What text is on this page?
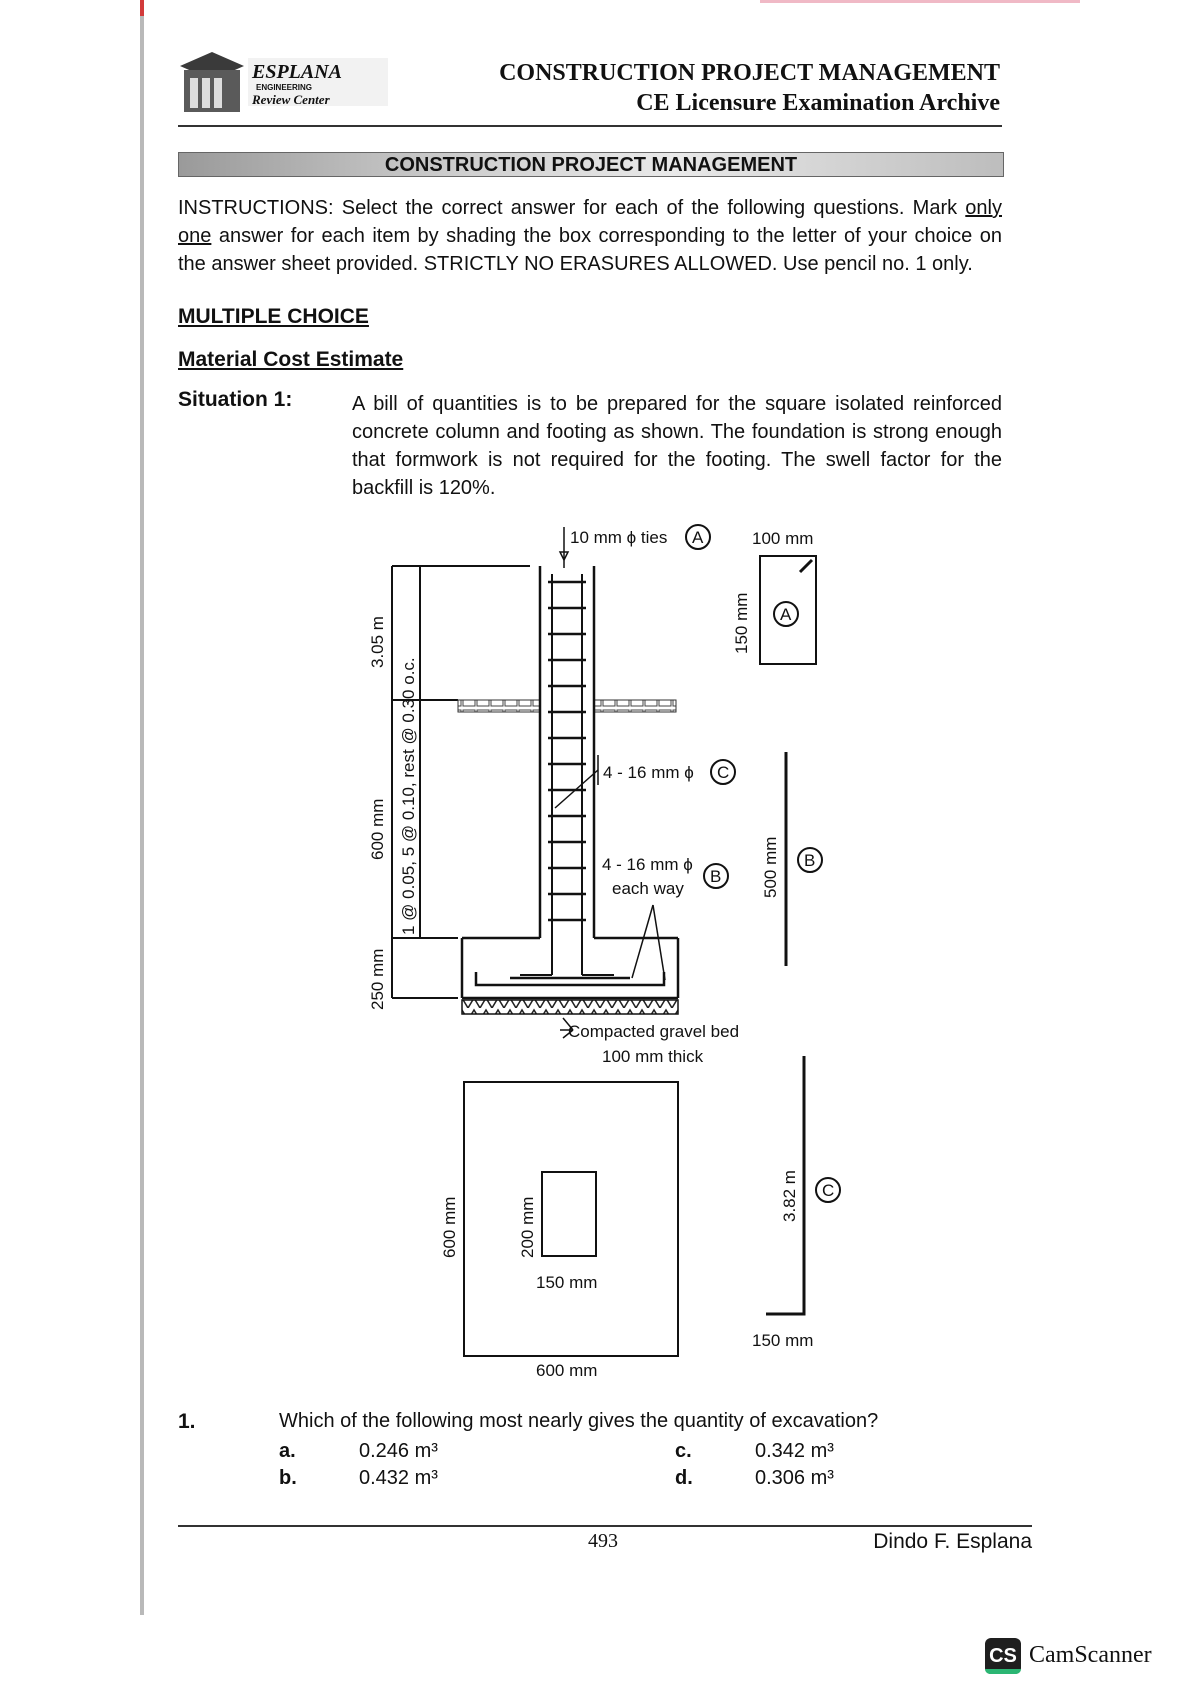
ESPLANA
ENGINEERING
Review Center
CONSTRUCTION PROJECT MANAGEMENT
CE Licensure Examination Archive
CONSTRUCTION PROJECT MANAGEMENT
INSTRUCTIONS: Select the correct answer for each of the following questions. Mark only one answer for each item by shading the box corresponding to the letter of your choice on the answer sheet provided. STRICTLY NO ERASURES ALLOWED. Use pencil no. 1 only.
MULTIPLE CHOICE
Material Cost Estimate
Situation 1:	A bill of quantities is to be prepared for the square isolated reinforced concrete column and footing as shown. The foundation is strong enough that formwork is not required for the footing. The swell factor for the backfill is 120%.
3.05 m
600 mm
250 mm
1 @ 0.05, 5 @ 0.10, rest @ 0.30 o.c.
10 mm ϕ ties A
4 - 16 mm ϕ C
4 - 16 mm ϕ
each way
B
Compacted gravel bed
100 mm thick
100 mm
150 mm A
500 mm B
600 mm	200 mm
150 mm
600 mm
3.82 m C
150 mm
1.	Which of the following most nearly gives the quantity of excavation?
a.	0.246 m³
b.	0.432 m³
c.	0.342 m³
d.	0.306 m³
493	Dindo F. Esplana
CS CamScanner
